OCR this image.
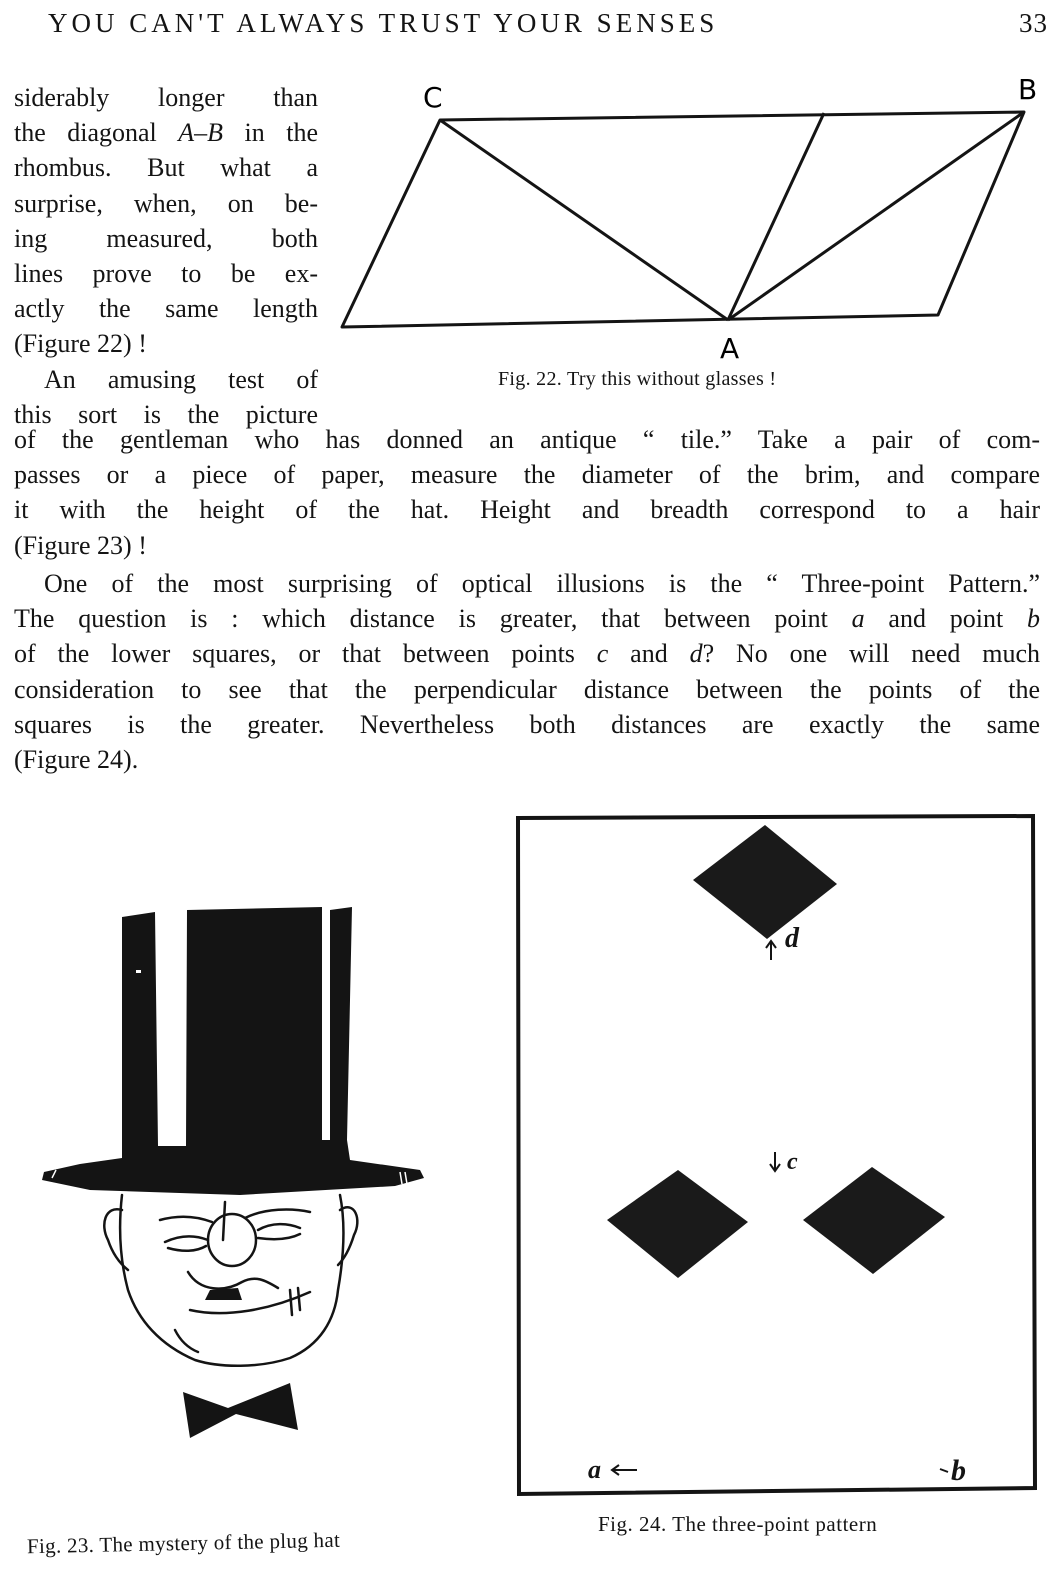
YOU CAN'T ALWAYS TRUST YOUR SENSES	33
siderably longer than
the diagonal A–B in the
rhombus. But what a
surprise, when, on be-
ing measured, both
lines prove to be ex-
actly the same length
(Figure 22) !
An amusing test of
this sort is the picture
C	B
A
Fig. 22. Try this without glasses !
of the gentleman who has donned an antique “ tile.” Take a pair of com-
passes or a piece of paper, measure the diameter of the brim, and compare
it with the height of the hat. Height and breadth correspond to a hair
(Figure 23) !
One of the most surprising of optical illusions is the “ Three-point Pattern.”
The question is : which distance is greater, that between point a and point b
of the lower squares, or that between points c and d? No one will need much
consideration to see that the perpendicular distance between the points of the
squares is the greater. Nevertheless both distances are exactly the same
(Figure 24).
Fig. 23. The mystery of the plug hat
d
c
a	b
Fig. 24. The three-point pattern
